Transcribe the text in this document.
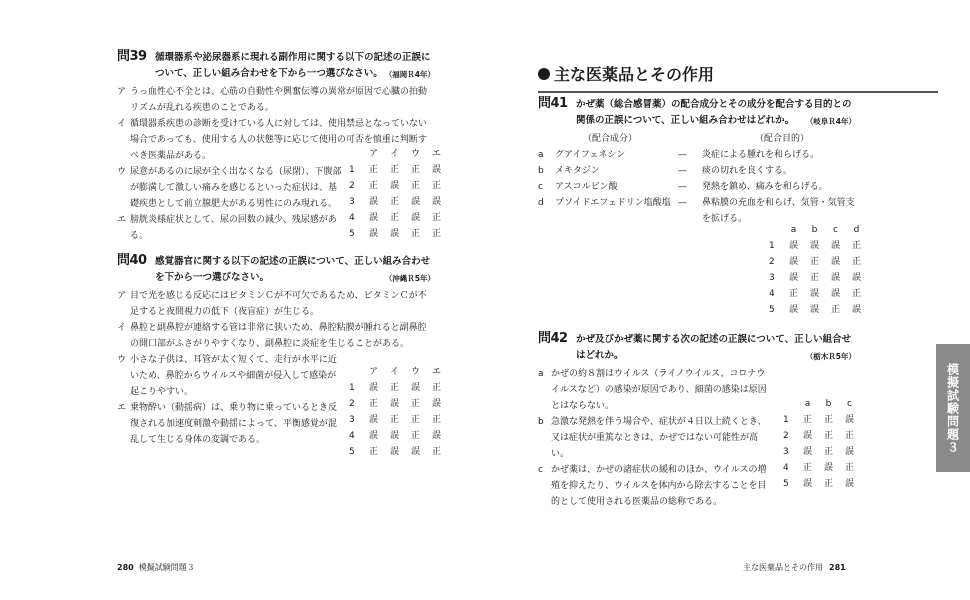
問39 循環器系や泌尿器系に現れる副作用に関する以下の記述の正誤について、正しい組み合わせを下から一つ選びなさい。 （福岡Ｒ4年）
ア うっ血性心不全とは、心筋の自動性や興奮伝導の異常が原因で心臓の拍動リズムが乱れる疾患のことである。
イ 循環器系疾患の診断を受けている人に対しては、使用禁忌となっていない場合であっても、使用する人の状態等に応じて使用の可否を慎重に判断すべき医薬品がある。
ウ 尿意があるのに尿が全く出なくなる（尿閉）、下腹部が膨満して激しい痛みを感じるといった症状は、基礎疾患として前立腺肥大がある男性にのみ現れる。
エ 膀胱炎様症状として、尿の回数の減少、残尿感がある。
ア	イ	ウ	エ
1	正	正	正	誤
2	正	誤	正	正
3	誤	正	誤	誤
4	誤	正	誤	正
5	誤	誤	正	正
問40 感覚器官に関する以下の記述の正誤について、正しい組み合わせを下から一つ選びなさい。	（沖縄Ｒ5年）
ア 目で光を感じる反応にはビタミンＣが不可欠であるため、ビタミンＣが不足すると夜間視力の低下（夜盲症）が生じる。
イ 鼻腔と副鼻腔が連絡する管は非常に狭いため、鼻腔粘膜が腫れると副鼻腔の開口部がふさがりやすくなり、副鼻腔に炎症を生じることがある。
ウ 小さな子供は、耳管が太く短くて、走行が水平に近いため、鼻腔からウイルスや細菌が侵入して感染が起こりやすい。
エ 乗物酔い（動揺病）は、乗り物に乗っているとき反復される加速度刺激や動揺によって、平衡感覚が混乱して生じる身体の変調である。
ア	イ	ウ	エ
1	誤	正	誤	正
2	正	誤	正	誤
3	誤	正	正	正
4	誤	誤	正	誤
5	正	誤	誤	正
280 模擬試験問題３
主な医薬品とその作用
問41 かぜ薬（総合感冒薬）の配合成分とその成分を配合する目的との関係の正誤について、正しい組み合わせはどれか。 （岐阜Ｒ4年）
（配合成分）	（配合目的）
a グアイフェネシン	— 炎症による腫れを和らげる。
b メキタジン	— 痰の切れを良くする。
c アスコルビン酸	— 発熱を鎮め、痛みを和らげる。
d プソイドエフェドリン塩酸塩 — 鼻粘膜の充血を和らげ、気管・気管支を拡げる。
a	b	c	d
1	誤	誤	誤	正
2	誤	正	誤	正
3	誤	正	誤	誤
4	正	誤	誤	正
5	誤	誤	正	誤
問42 かぜ及びかぜ薬に関する次の記述の正誤について、正しい組合せはどれか。	（栃木Ｒ5年）
a かぜの約８割はウイルス（ライノウイルス、コロナウイルスなど）の感染が原因であり、細菌の感染は原因とはならない。
b 急激な発熱を伴う場合や、症状が４日以上続くとき、又は症状が重篤なときは、かぜではない可能性が高い。
c かぜ薬は、かぜの諸症状の緩和のほか、ウイルスの増殖を抑えたり、ウイルスを体内から除去することを目的として使用される医薬品の総称である。
a	b	c
1	正	正	誤
2	誤	正	正
3	誤	正	誤
4	正	誤	正
5	誤	正	誤
模擬試験問題３
主な医薬品とその作用 281
